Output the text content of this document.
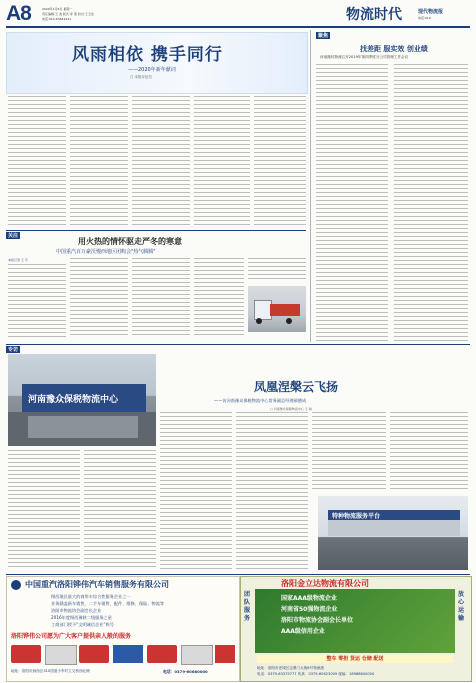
A8	2020年1月6日 星期一
责任编辑:王 美 版式:李 燕 校对:王玉洁
电话:010-63642241	物流时代	现代物流报
电话:010
风雨相依 携手同行
——2020年新年献词
□ 本报评论员
关注
用火热的情怀驱走严冬的寒意
中国重汽百万豪沃慢西地区团购会"热气腾腾"
本报记者 王 芳
聚焦
找差距 服实效 创业绩
河南豫综物流召开2019年第四季度分公司管理工作会议
专访
河南豫众保税物流中心
凤凰涅槃云飞扬
——访河南豫众保税物流中心常务副总经理郝德成
□ 河南豫众保税物流中心 王 琪
特种物流服务平台
中国重汽洛阳铧伟汽车销售服务有限公司
慢西地区最大的商用车综合性服务企业之一
业务涵盖新车销售、二手车销售、配件、维修、保险、物流等
洛阳市物流协会副会长企业
2016年度慢西豫陕二级服务之星
工商部门授予“文明诚信企业”称号
洛阳铧伟公司愿为广大客户提供亲人般的服务
地址：洛阳市涧西区310国道小李村立交桥西北侧	电话：0379-60680000
洛阳金立达物流有限公司
团队服务
放心运输
国家AAA级物流企业
河南省50强物流企业
洛阳市物流协会副会长单位
AAA级信用企业
整车 零担 货运 仓储 配送
地址：洛阳市老城区定鼎门大街6号物流港
电话：0379-63379777 传真：0379-65623009 邮编：18988600000
